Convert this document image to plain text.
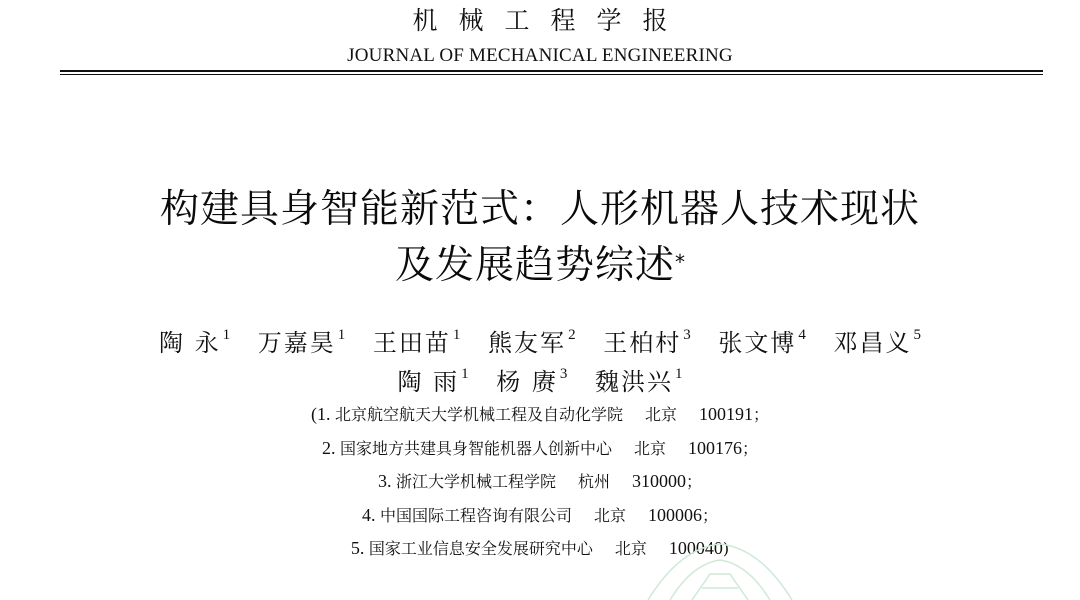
机械工程学报
JOURNAL OF MECHANICAL ENGINEERING
构建具身智能新范式：人形机器人技术现状
及发展趋势综述*
陶 永 $^1$ 万嘉昊 $^1$ 王田苗 $^1$ 熊友军 $^2$ 王柏村 $^3$ 张文博 $^4$ 邓昌义 $^5$
陶 雨 $^1$ 杨 赓 $^3$ 魏洪兴 $^1$
(1. 北京航空航天大学机械工程及自动化学院 北京 100191；
2. 国家地方共建具身智能机器人创新中心 北京 100176；
3. 浙江大学机械工程学院 杭州 310000；
4. 中国国际工程咨询有限公司 北京 100006；
5. 国家工业信息安全发展研究中心 北京 100040)
